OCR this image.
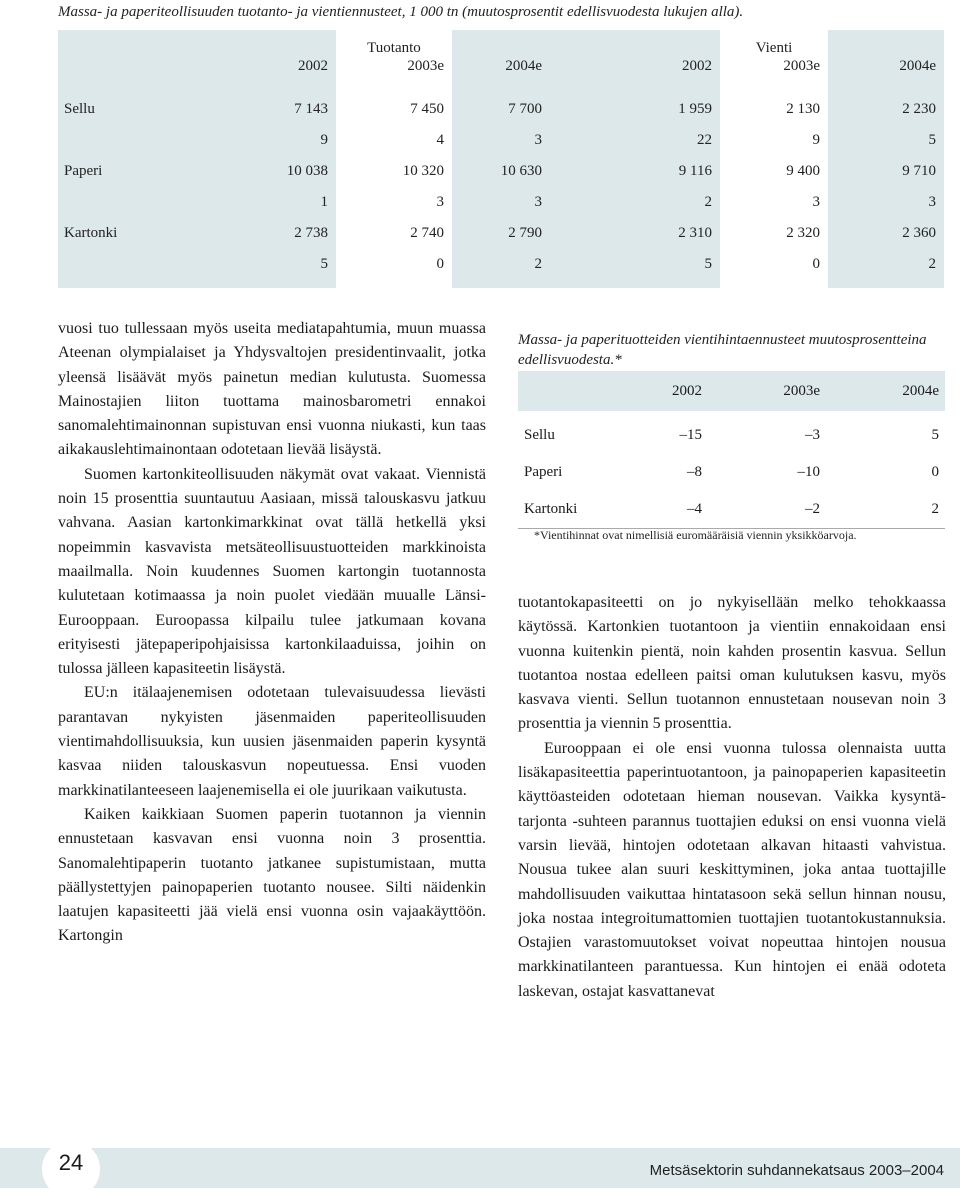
Massa- ja paperiteollisuuden tuotanto- ja vientiennusteet, 1 000 tn (muutosprosentit edellisvuodesta lukujen alla).
		Tuotanto			Vienti	
	2002	2003e	2004e	2002	2003e	2004e

Sellu	7 143	7 450	7 700	1 959	2 130	2 230
	9	4	3	22	9	5
Paperi	10 038	10 320	10 630	9 116	9 400	9 710
	1	3	3	2	3	3
Kartonki	2 738	2 740	2 790	2 310	2 320	2 360
	5	0	2	5	0	2

vuosi tuo tullessaan myös useita mediatapahtumia, muun muassa Ateenan olympialaiset ja Yhdysvaltojen presidentinvaalit, jotka yleensä lisäävät myös painetun median kulutusta. Suomessa Mainostajien liiton tuottama mainosbarometri ennakoi sanomalehtimainonnan supistuvan ensi vuonna niukasti, kun taas aikakauslehtimainontaan odotetaan lievää lisäystä.

Suomen kartonkiteollisuuden näkymät ovat vakaat. Viennistä noin 15 prosenttia suuntautuu Aasiaan, missä talouskasvu jatkuu vahvana. Aasian kartonkimarkkinat ovat tällä hetkellä yksi nopeimmin kasvavista metsäteollisuustuotteiden markkinoista maailmalla. Noin kuudennes Suomen kartongin tuotannosta kulutetaan kotimaassa ja noin puolet viedään muualle Länsi-Eurooppaan. Euroopassa kilpailu tulee jatkumaan kovana erityisesti jätepaperipohjaisissa kartonkilaaduissa, joihin on tulossa jälleen kapasiteetin lisäystä.

EU:n itälaajenemisen odotetaan tulevaisuudessa lievästi parantavan nykyisten jäsenmaiden paperiteollisuuden vientimahdollisuuksia, kun uusien jäsenmaiden paperin kysyntä kasvaa niiden talouskasvun nopeutuessa. Ensi vuoden markkinatilanteeseen laajenemisella ei ole juurikaan vaikutusta.

Kaiken kaikkiaan Suomen paperin tuotannon ja viennin ennustetaan kasvavan ensi vuonna noin 3 prosenttia. Sanomalehtipaperin tuotanto jatkanee supistumistaan, mutta päällystettyjen painopaperien tuotanto nousee. Silti näidenkin laatujen kapasiteetti jää vielä ensi vuonna osin vajaakäyttöön. Kartongin

Massa- ja paperituotteiden vientihintaennusteet muutosprosentteina edellisvuodesta.*
	2002	2003e	2004e

Sellu	–15	–3	5
Paperi	–8	–10	0
Kartonki	–4	–2	2
*Vientihinnat ovat nimellisiä euromääräisiä viennin yksikköarvoja.

tuotantokapasiteetti on jo nykyisellään melko tehokkaassa käytössä. Kartonkien tuotantoon ja vientiin ennakoidaan ensi vuonna kuitenkin pientä, noin kahden prosentin kasvua. Sellun tuotantoa nostaa edelleen paitsi oman kulutuksen kasvu, myös kasvava vienti. Sellun tuotannon ennustetaan nousevan noin 3 prosenttia ja viennin 5 prosenttia.

Eurooppaan ei ole ensi vuonna tulossa olennaista uutta lisäkapasiteettia paperintuotantoon, ja painopaperien kapasiteetin käyttöasteiden odotetaan hieman nousevan. Vaikka kysyntä-tarjonta -suhteen parannus tuottajien eduksi on ensi vuonna vielä varsin lievää, hintojen odotetaan alkavan hitaasti vahvistua. Nousua tukee alan suuri keskittyminen, joka antaa tuottajille mahdollisuuden vaikuttaa hintatasoon sekä sellun hinnan nousu, joka nostaa integroitumattomien tuottajien tuotantokustannuksia. Ostajien varastomuutokset voivat nopeuttaa hintojen nousua markkinatilanteen parantuessa. Kun hintojen ei enää odoteta laskevan, ostajat kasvattanevat

24	Metsäsektorin suhdannekatsaus 2003–2004
